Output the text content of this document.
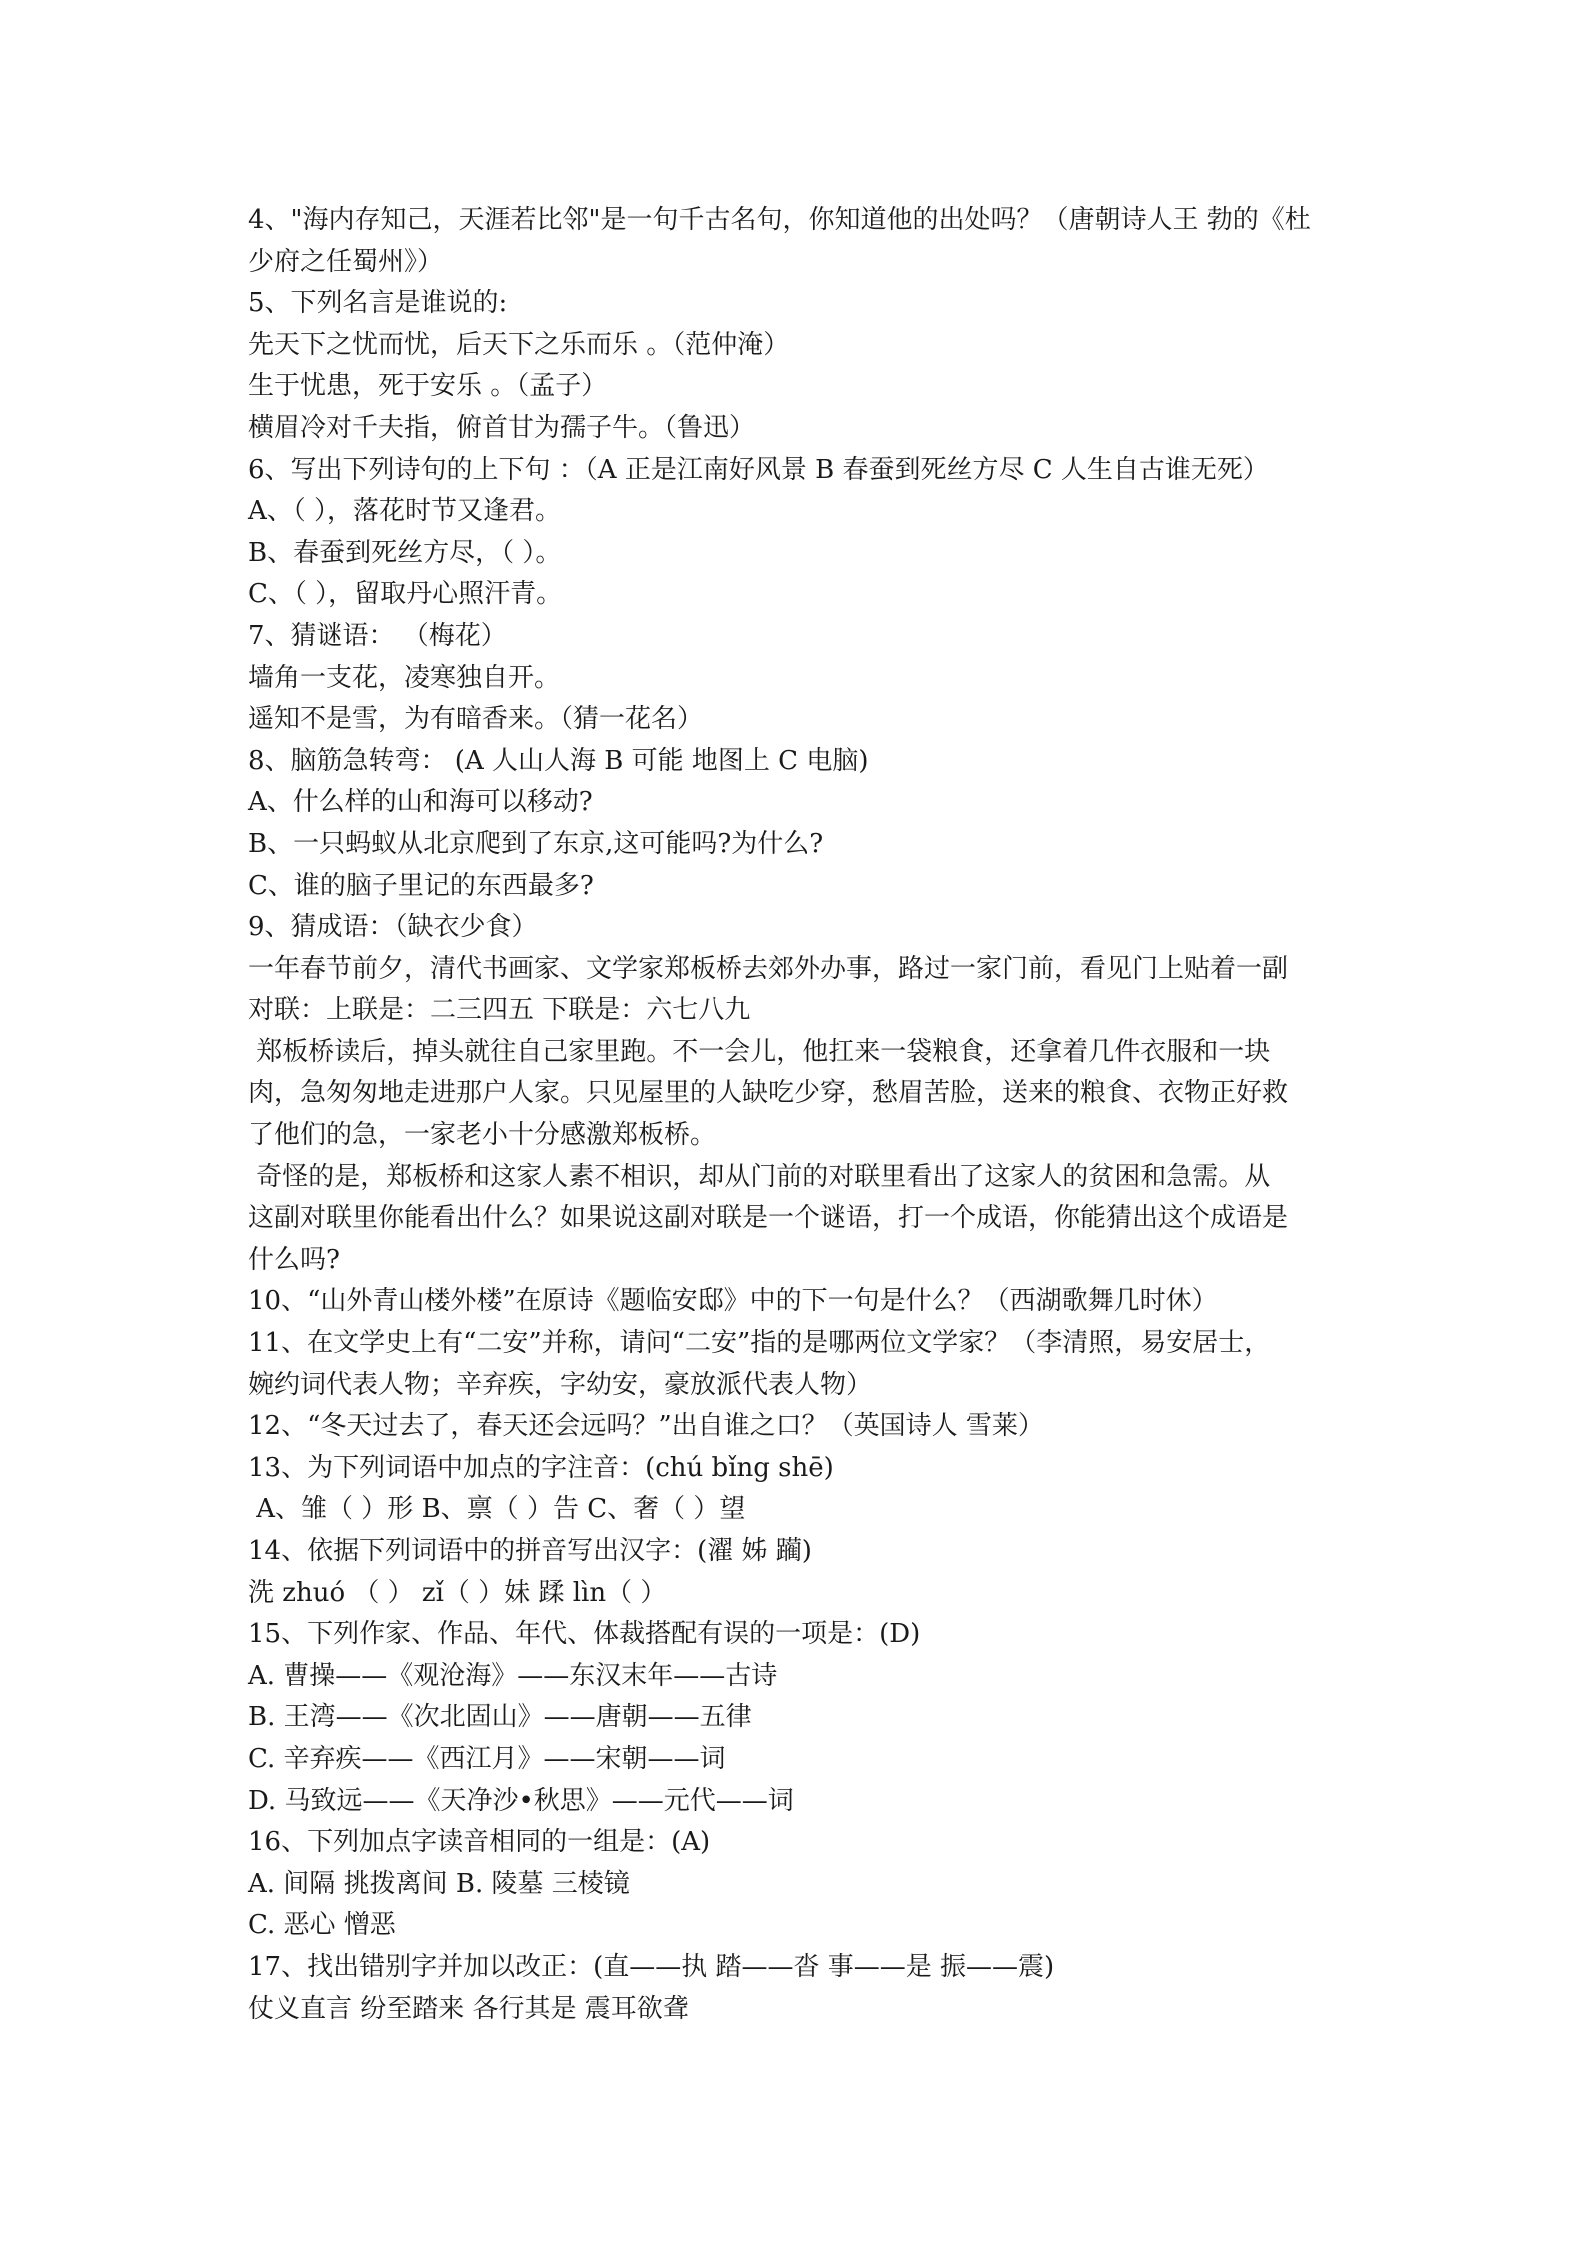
4、"海内存知己，天涯若比邻"是一句千古名句，你知道他的出处吗？（唐朝诗人王 勃的《杜
少府之任蜀州》）
5、下列名言是谁说的:
先天下之忧而忧，后天下之乐而乐 。（范仲淹）
生于忧患，死于安乐 。（孟子）
横眉冷对千夫指，俯首甘为孺子牛。（鲁迅）
6、写出下列诗句的上下句 ：（A 正是江南好风景 B 春蚕到死丝方尽 C 人生自古谁无死）
A、（ ），落花时节又逢君。
B、春蚕到死丝方尽，（ ）。
C、（ ），留取丹心照汗青。
7、猜谜语： （梅花）
墙角一支花，凌寒独自开。
遥知不是雪，为有暗香来。（猜一花名）
8、脑筋急转弯： (A 人山人海 B 可能 地图上 C 电脑)
A、什么样的山和海可以移动?
B、一只蚂蚁从北京爬到了东京,这可能吗?为什么?
C、谁的脑子里记的东西最多?
9、猜成语：（缺衣少食）
一年春节前夕，清代书画家、文学家郑板桥去郊外办事，路过一家门前，看见门上贴着一副
对联：上联是：二三四五 下联是：六七八九
郑板桥读后，掉头就往自己家里跑。不一会儿，他扛来一袋粮食，还拿着几件衣服和一块
肉，急匆匆地走进那户人家。只见屋里的人缺吃少穿，愁眉苦脸，送来的粮食、衣物正好救
了他们的急，一家老小十分感激郑板桥。
奇怪的是，郑板桥和这家人素不相识，却从门前的对联里看出了这家人的贫困和急需。从
这副对联里你能看出什么？如果说这副对联是一个谜语，打一个成语，你能猜出这个成语是
什么吗?
10、“山外青山楼外楼”在原诗《题临安邸》中的下一句是什么？（西湖歌舞几时休）
11、在文学史上有“二安”并称，请问“二安”指的是哪两位文学家？（李清照，易安居士，
婉约词代表人物；辛弃疾，字幼安，豪放派代表人物）
12、“冬天过去了，春天还会远吗？”出自谁之口？（英国诗人 雪莱）
13、为下列词语中加点的字注音：(chú bǐng shē)
A、雏（ ）形 B、禀（ ）告 C、奢（ ）望
14、依据下列词语中的拼音写出汉字：(濯 姊 躏)
洗 zhuó （ ） zǐ（ ）妹 蹂 lìn（ ）
15、下列作家、作品、年代、体裁搭配有误的一项是：(D)
A. 曹操——《观沧海》——东汉末年——古诗
B. 王湾——《次北固山》——唐朝——五律
C. 辛弃疾——《西江月》——宋朝——词
D. 马致远——《天净沙•秋思》——元代——词
16、下列加点字读音相同的一组是：(A)
A. 间隔 挑拨离间 B. 陵墓 三棱镜
C. 恶心 憎恶
17、找出错别字并加以改正：(直——执 踏——沓 事——是 振——震)
仗义直言 纷至踏来 各行其是 震耳欲聋
